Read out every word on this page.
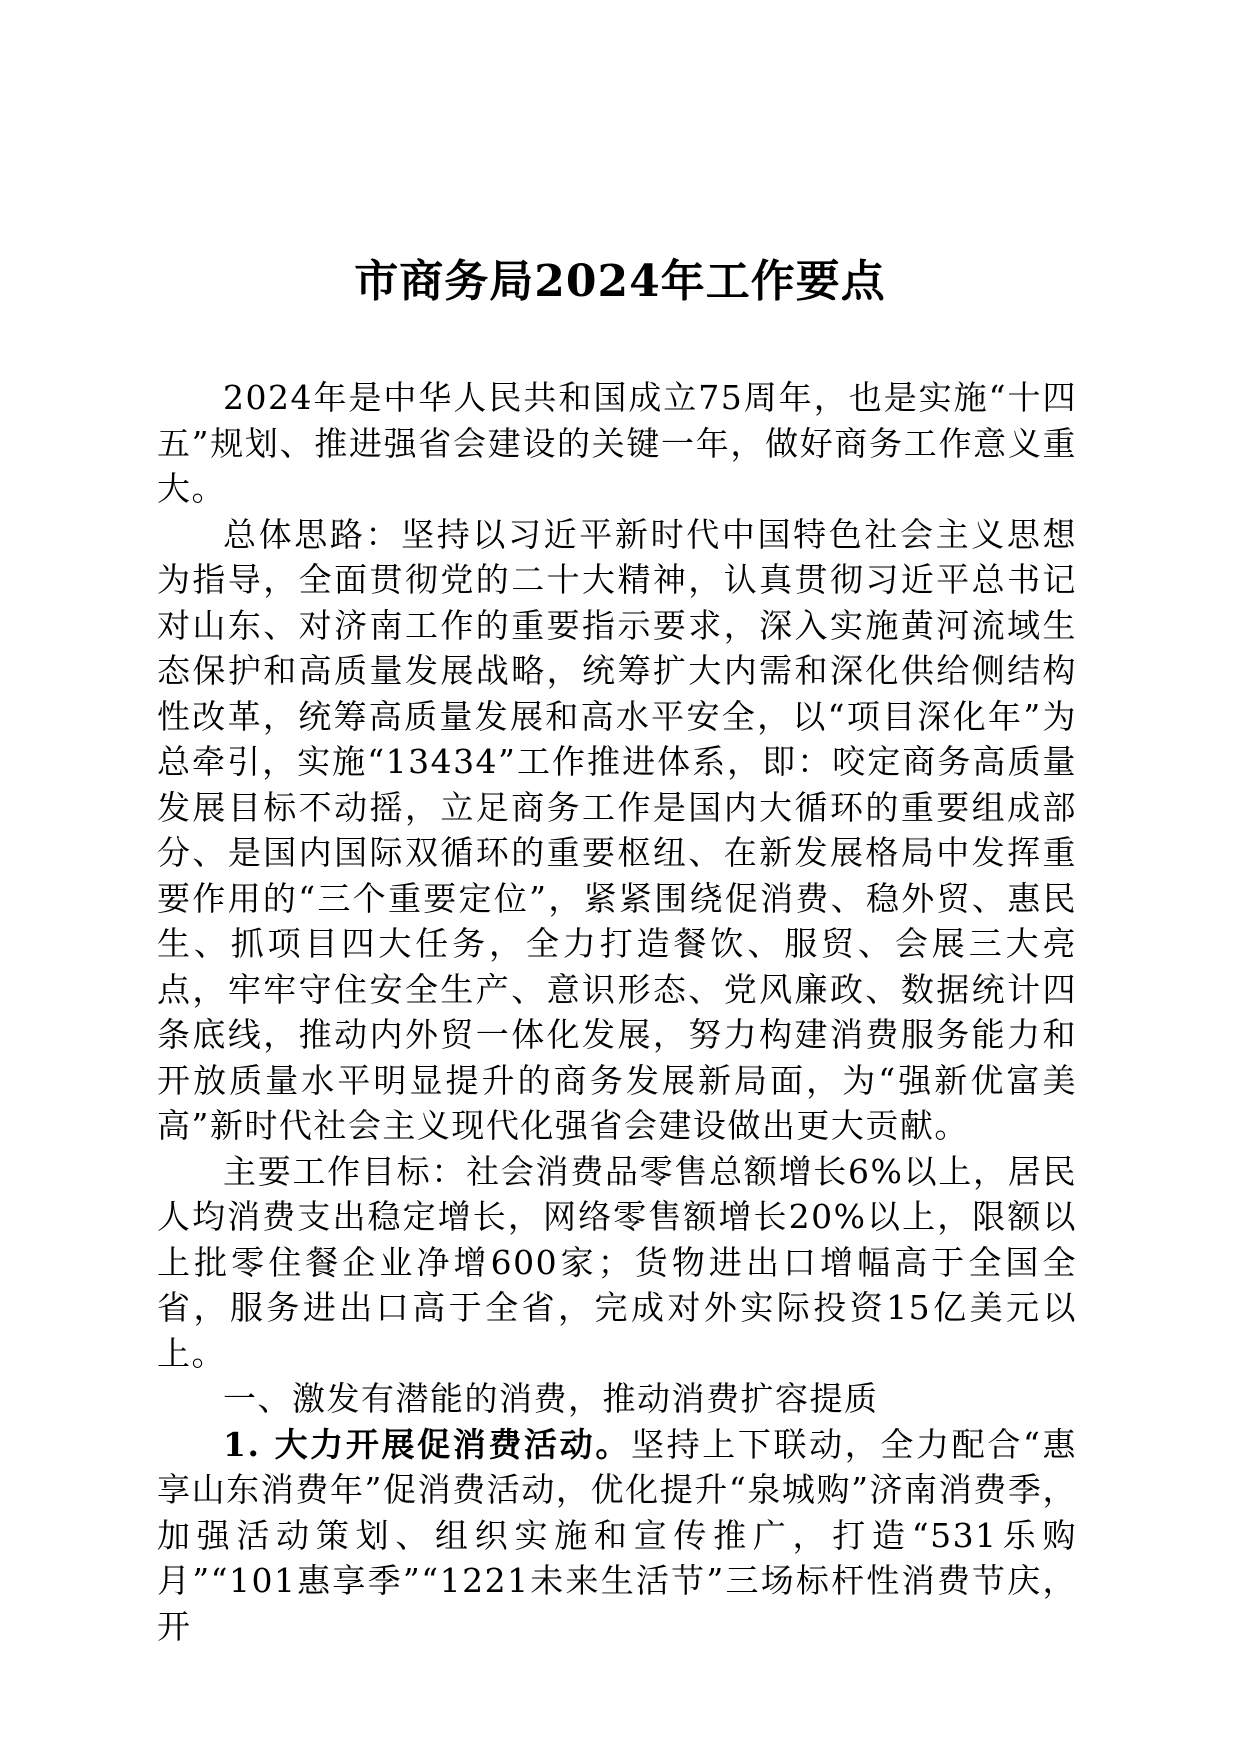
市商务局2024年工作要点

2024年是中华人民共和国成立75周年，也是实施“十四五”规划、推进强省会建设的关键一年，做好商务工作意义重大。

总体思路：坚持以习近平新时代中国特色社会主义思想为指导，全面贯彻党的二十大精神，认真贯彻习近平总书记对山东、对济南工作的重要指示要求，深入实施黄河流域生态保护和高质量发展战略，统筹扩大内需和深化供给侧结构性改革，统筹高质量发展和高水平安全，以“项目深化年”为总牵引，实施“13434”工作推进体系，即：咬定商务高质量发展目标不动摇，立足商务工作是国内大循环的重要组成部分、是国内国际双循环的重要枢纽、在新发展格局中发挥重要作用的“三个重要定位”，紧紧围绕促消费、稳外贸、惠民生、抓项目四大任务，全力打造餐饮、服贸、会展三大亮点，牢牢守住安全生产、意识形态、党风廉政、数据统计四条底线，推动内外贸一体化发展，努力构建消费服务能力和开放质量水平明显提升的商务发展新局面，为“强新优富美高”新时代社会主义现代化强省会建设做出更大贡献。

主要工作目标：社会消费品零售总额增长6%以上，居民人均消费支出稳定增长，网络零售额增长20%以上，限额以上批零住餐企业净增600家；货物进出口增幅高于全国全省，服务进出口高于全省，完成对外实际投资15亿美元以上。

一、激发有潜能的消费，推动消费扩容提质

1. 大力开展促消费活动。坚持上下联动，全力配合“惠享山东消费年”促消费活动，优化提升“泉城购”济南消费季，加强活动策划、组织实施和宣传推广，打造“531乐购月”“101惠享季”“1221未来生活节”三场标杆性消费节庆，开
